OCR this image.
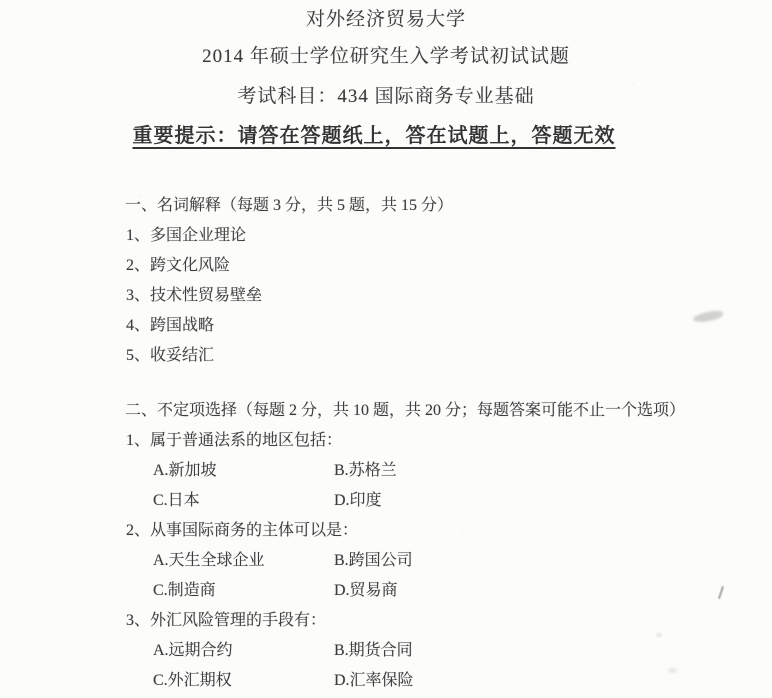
对外经济贸易大学
2014 年硕士学位研究生入学考试初试试题
考试科目：434 国际商务专业基础
重要提示：请答在答题纸上，答在试题上，答题无效
一、名词解释（每题 3 分，共 5 题，共 15 分）
1、多国企业理论
2、跨文化风险
3、技术性贸易壁垒
4、跨国战略
5、收妥结汇
二、不定项选择（每题 2 分，共 10 题，共 20 分；每题答案可能不止一个选项）
1、属于普通法系的地区包括：
A.新加坡	B.苏格兰
C.日本	D.印度
2、从事国际商务的主体可以是：
A.天生全球企业	B.跨国公司
C.制造商	D.贸易商
3、外汇风险管理的手段有：
A.远期合约	B.期货合同
C.外汇期权	D.汇率保险
